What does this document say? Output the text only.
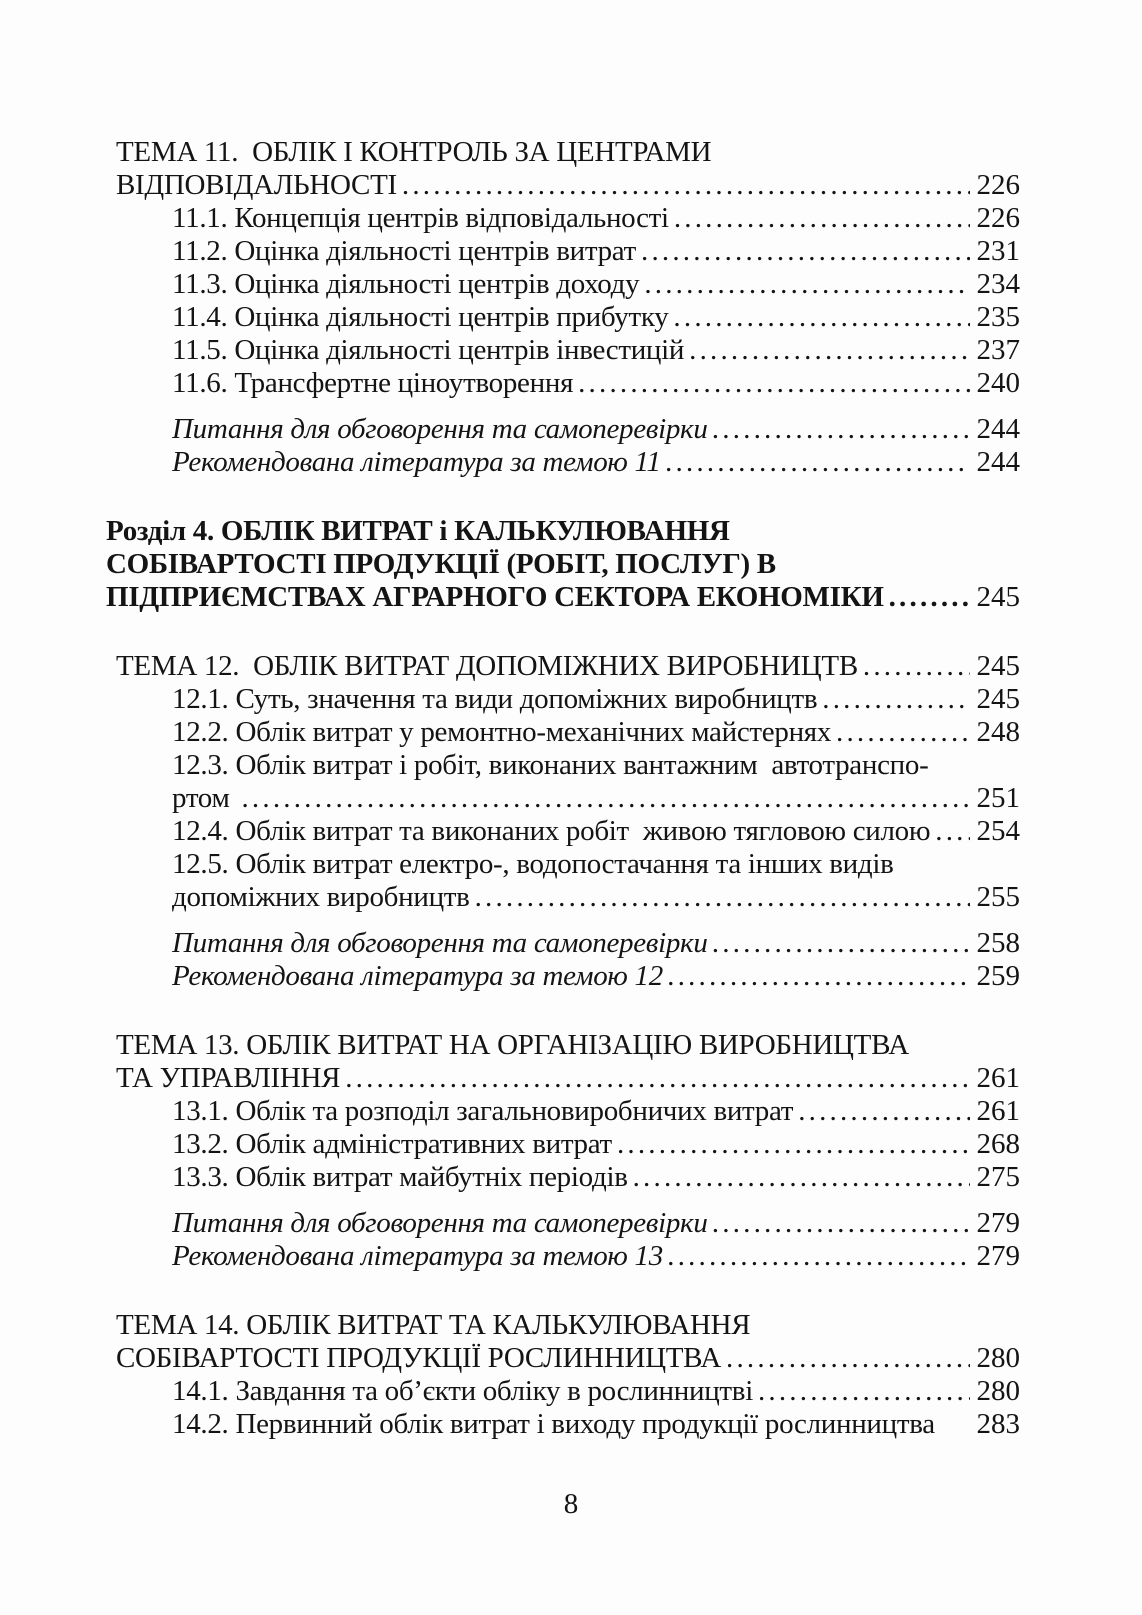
ТЕМА 11.  ОБЛІК І КОНТРОЛЬ ЗА ЦЕНТРАМИ
ВІДПОВІДАЛЬНОСТІ .....	226
11.1. Концепція центрів відповідальності .....	226
11.2. Оцінка діяльності центрів витрат .....	231
11.3. Оцінка діяльності центрів доходу .....	234
11.4. Оцінка діяльності центрів прибутку .....	235
11.5. Оцінка діяльності центрів інвестицій .....	237
11.6. Трансфертне ціноутворення .....	240
Питання для обговорення та самоперевірки .....	244
Рекомендована література за темою 11 .....	244
Розділ 4. ОБЛІК ВИТРАТ і КАЛЬКУЛЮВАННЯ
СОБІВАРТОСТІ ПРОДУКЦІЇ (РОБІТ, ПОСЛУГ) В
ПІДПРИЄМСТВАХ АГРАРНОГО СЕКТОРА ЕКОНОМІКИ .....	245
ТЕМА 12.  ОБЛІК ВИТРАТ ДОПОМІЖНИХ ВИРОБНИЦТВ .....	245
12.1. Суть, значення та види допоміжних виробництв .....	245
12.2. Облік витрат у ремонтно-механічних майстернях .....	248
12.3. Облік витрат і робіт, виконаних вантажним  автотранспо-
ртом .....	251
12.4. Облік витрат та виконаних робіт  живою тягловою силою ..... 254
12.5. Облік витрат електро-, водопостачання та інших видів
допоміжних виробництв .....	255
Питання для обговорення та самоперевірки .....	258
Рекомендована література за темою 12 .....	259
ТЕМА 13. ОБЛІК ВИТРАТ НА ОРГАНІЗАЦІЮ ВИРОБНИЦТВА
ТА УПРАВЛІННЯ .....	261
13.1. Облік та розподіл загальновиробничих витрат .....	261
13.2. Облік адміністративних витрат .....	268
13.3. Облік витрат майбутніх періодів .....	275
Питання для обговорення та самоперевірки .....	279
Рекомендована література за темою 13 .....	279
ТЕМА 14. ОБЛІК ВИТРАТ ТА КАЛЬКУЛЮВАННЯ
СОБІВАРТОСТІ ПРОДУКЦІЇ РОСЛИННИЦТВА .....	280
14.1. Завдання та об’єкти обліку в рослинництві .....	280
14.2. Первинний облік витрат і виходу продукції рослинництва 283
8
